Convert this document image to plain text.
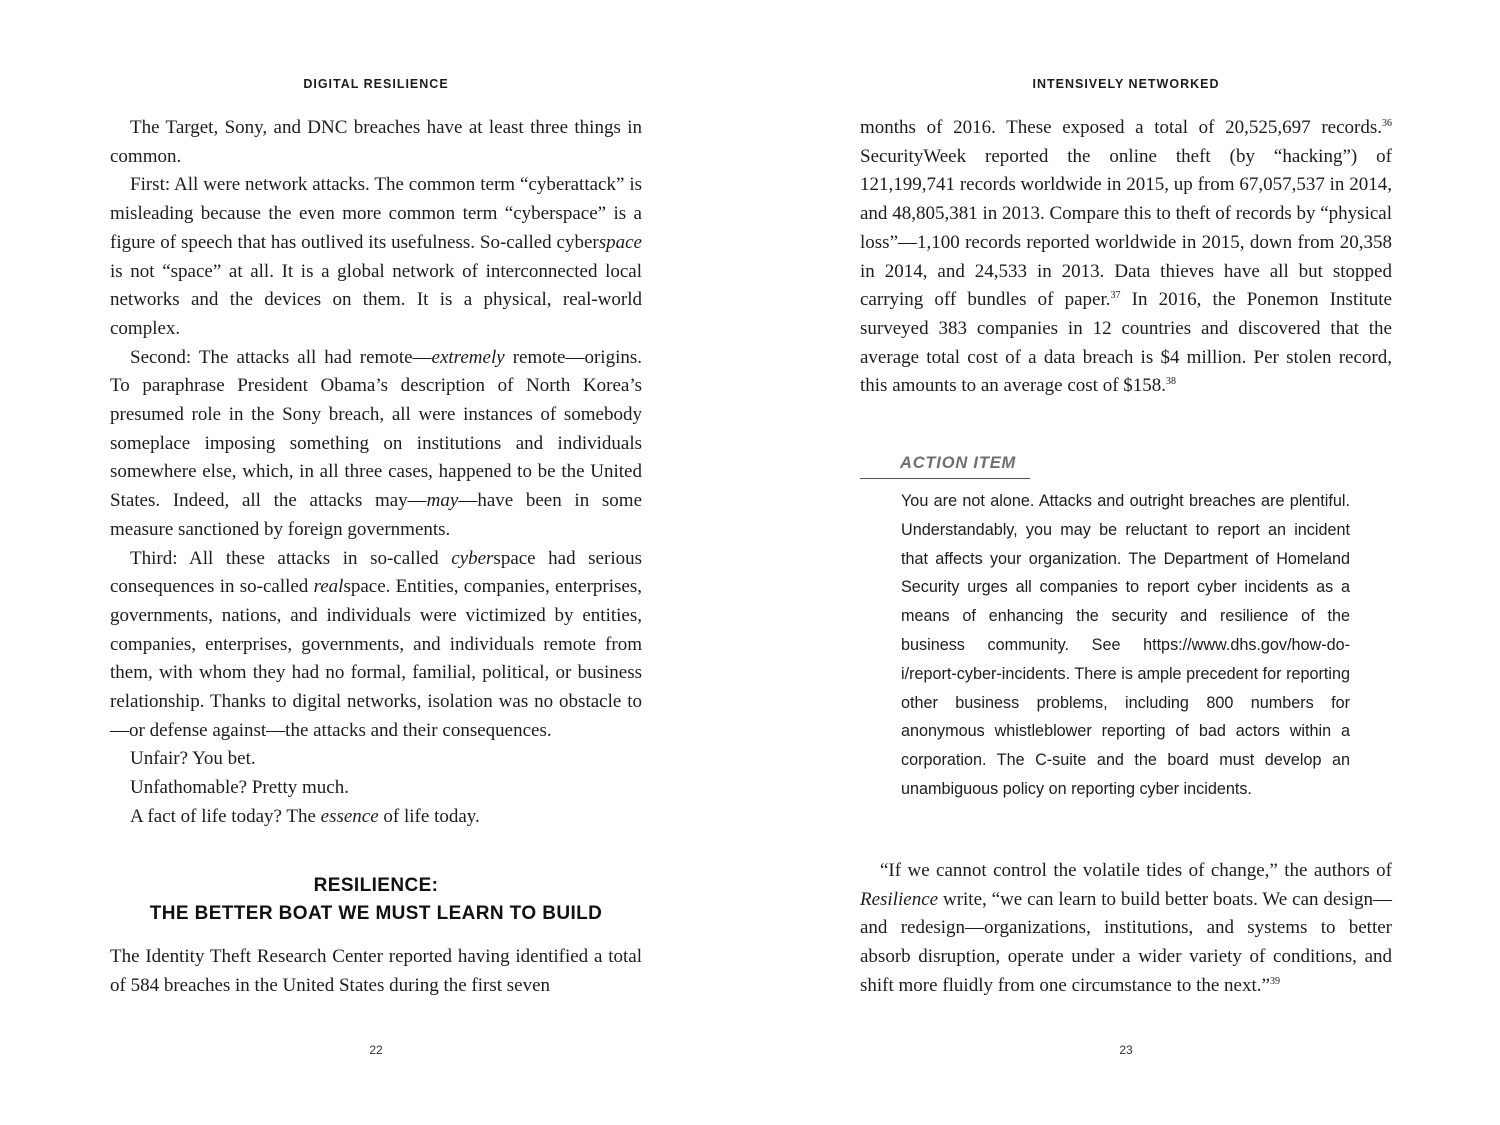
DIGITAL RESILIENCE

The Target, Sony, and DNC breaches have at least three things in common.

First: All were network attacks. The common term “cyberattack” is misleading because the even more common term “cyberspace” is a figure of speech that has outlived its usefulness. So-called cyberspace is not “space” at all. It is a global network of interconnected local networks and the devices on them. It is a physical, real-world complex.

Second: The attacks all had remote—extremely remote—origins. To paraphrase President Obama’s description of North Korea’s presumed role in the Sony breach, all were instances of somebody someplace imposing something on institutions and individuals somewhere else, which, in all three cases, happened to be the United States. Indeed, all the attacks may—may—have been in some measure sanctioned by foreign governments.

Third: All these attacks in so-called cyberspace had serious consequences in so-called realspace. Entities, companies, enterprises, governments, nations, and individuals were victimized by entities, companies, enterprises, governments, and individuals remote from them, with whom they had no formal, familial, political, or business relationship. Thanks to digital networks, isolation was no obstacle to—or defense against—the attacks and their consequences.

Unfair? You bet.

Unfathomable? Pretty much.

A fact of life today? The essence of life today.

RESILIENCE:
THE BETTER BOAT WE MUST LEARN TO BUILD

The Identity Theft Research Center reported having identified a total of 584 breaches in the United States during the first seven

22
INTENSIVELY NETWORKED

months of 2016. These exposed a total of 20,525,697 records.$^{36}$ SecurityWeek reported the online theft (by “hacking”) of 121,199,741 records worldwide in 2015, up from 67,057,537 in 2014, and 48,805,381 in 2013. Compare this to theft of records by “physical loss”—1,100 records reported worldwide in 2015, down from 20,358 in 2014, and 24,533 in 2013. Data thieves have all but stopped carrying off bundles of paper.$^{37}$ In 2016, the Ponemon Institute surveyed 383 companies in 12 countries and discovered that the average total cost of a data breach is $4 million. Per stolen record, this amounts to an average cost of $158.38

ACTION ITEM
You are not alone. Attacks and outright breaches are plentiful. Understandably, you may be reluctant to report an incident that affects your organization. The Department of Homeland Security urges all companies to report cyber incidents as a means of enhancing the security and resilience of the business community. See https://www.dhs.gov/how-do-i/report-cyber-incidents. There is ample precedent for reporting other business problems, including 800 numbers for anonymous whistleblower reporting of bad actors within a corporation. The C-suite and the board must develop an unambiguous policy on reporting cyber incidents.

“If we cannot control the volatile tides of change,” the authors of Resilience write, “we can learn to build better boats. We can design—and redesign—organizations, institutions, and systems to better absorb disruption, operate under a wider variety of conditions, and shift more fluidly from one circumstance to the next.”$^{39}$

23
